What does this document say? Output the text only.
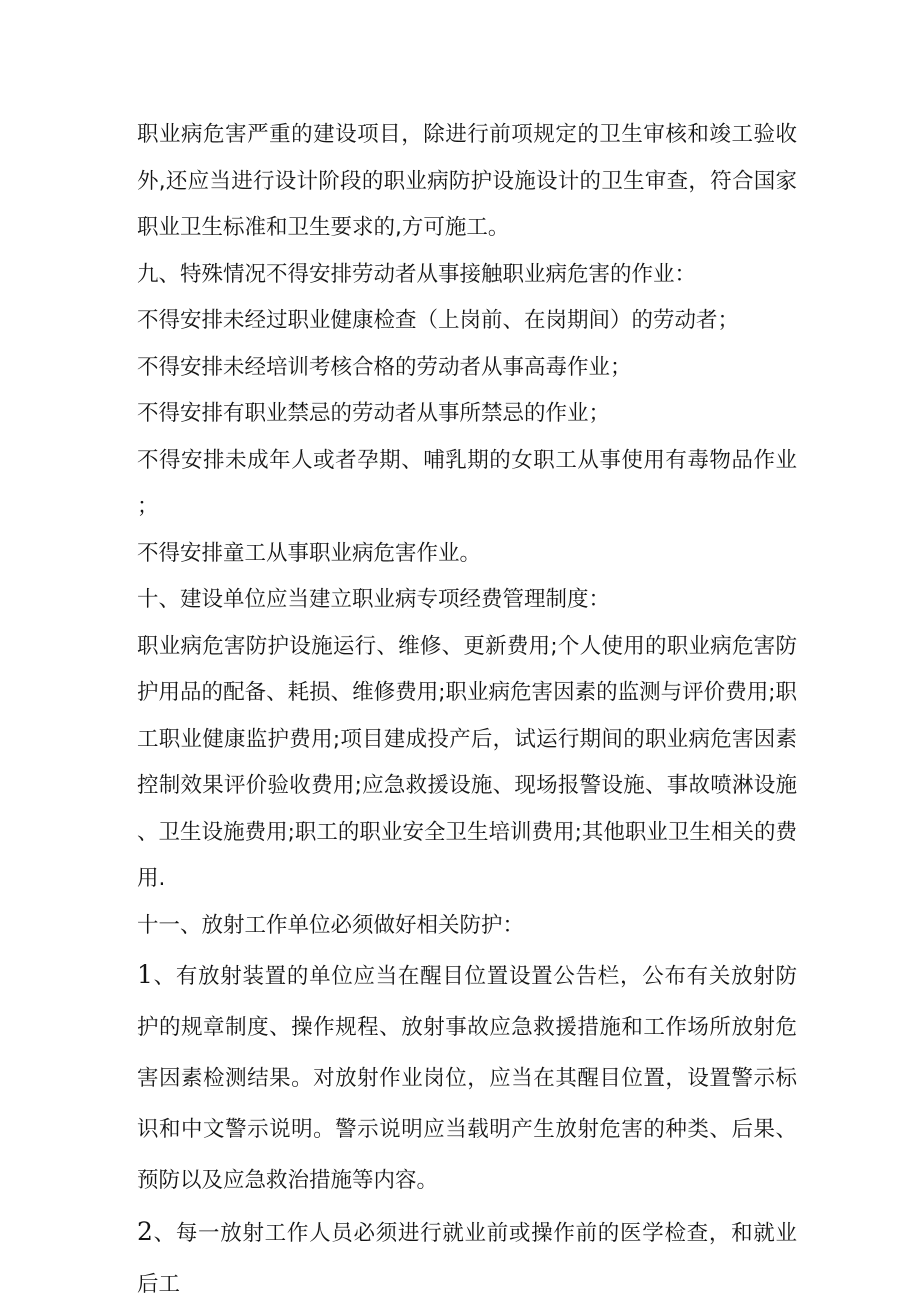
职业病危害严重的建设项目，除进行前项规定的卫生审核和竣工验收外,还应当进行设计阶段的职业病防护设施设计的卫生审查，符合国家职业卫生标准和卫生要求的,方可施工。

九、特殊情况不得安排劳动者从事接触职业病危害的作业：

不得安排未经过职业健康检查（上岗前、在岗期间）的劳动者；

不得安排未经培训考核合格的劳动者从事高毒作业；

不得安排有职业禁忌的劳动者从事所禁忌的作业；

不得安排未成年人或者孕期、哺乳期的女职工从事使用有毒物品作业；

不得安排童工从事职业病危害作业。

十、建设单位应当建立职业病专项经费管理制度：

职业病危害防护设施运行、维修、更新费用;个人使用的职业病危害防护用品的配备、耗损、维修费用;职业病危害因素的监测与评价费用;职工职业健康监护费用;项目建成投产后，试运行期间的职业病危害因素控制效果评价验收费用;应急救援设施、现场报警设施、事故喷淋设施、卫生设施费用;职工的职业安全卫生培训费用;其他职业卫生相关的费用.

十一、放射工作单位必须做好相关防护：

1、有放射装置的单位应当在醒目位置设置公告栏，公布有关放射防护的规章制度、操作规程、放射事故应急救援措施和工作场所放射危害因素检测结果。对放射作业岗位，应当在其醒目位置，设置警示标识和中文警示说明。警示说明应当载明产生放射危害的种类、后果、预防以及应急救治措施等内容。

2、每一放射工作人员必须进行就业前或操作前的医学检查，和就业后工
